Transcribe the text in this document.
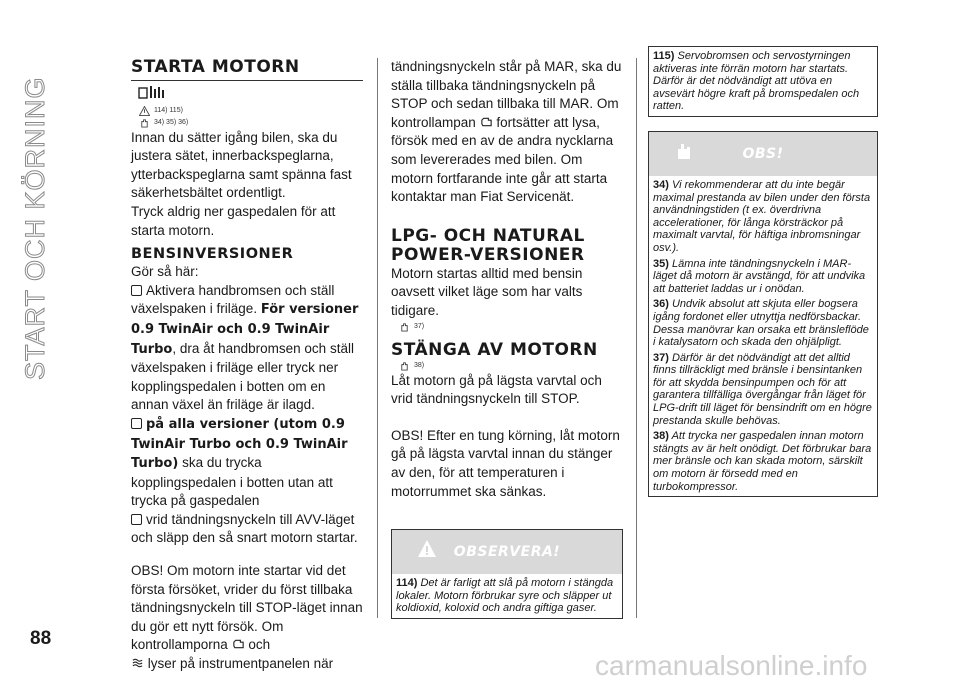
START OCH KÖRNING
STARTA MOTORN
114) 115)
34) 35) 36)

Innan du sätter igång bilen, ska du justera sätet, innerbackspeglarna, ytterbackspeglarna samt spänna fast säkerhetsbältet ordentligt.

Tryck aldrig ner gaspedalen för att starta motorn.

BENSINVERSIONER

Gör så här:

Aktivera handbromsen och ställ växelspaken i friläge. För versioner 0.9 TwinAir och 0.9 TwinAir Turbo, dra åt handbromsen och ställ växelspaken i friläge eller tryck ner kopplingspedalen i botten om en annan växel än friläge är ilagd.

på alla versioner (utom 0.9 TwinAir Turbo och 0.9 TwinAir Turbo) ska du trycka kopplingspedalen i botten utan att trycka på gaspedalen

vrid tändningsnyckeln till AVV-läget och släpp den så snart motorn startar.

OBS! Om motorn inte startar vid det första försöket, vrider du först tillbaka tändningsnyckeln till STOP-läget innan du gör ett nytt försök. Om kontrollamporna och
lyser på instrumentpanelen när

tändningsnyckeln står på MAR, ska du ställa tillbaka tändningsnyckeln på STOP och sedan tillbaka till MAR. Om kontrollampan fortsätter att lysa, försök med en av de andra nycklarna som levererades med bilen. Om motorn fortfarande inte går att starta kontaktar man Fiat Servicenät.

LPG- OCH NATURAL POWER-VERSIONER

Motorn startas alltid med bensin oavsett vilket läge som har valts tidigare.

37)
STÄNGA AV MOTORN
38)

Låt motorn gå på lägsta varvtal och vrid tändningsnyckeln till STOP.

OBS! Efter en tung körning, låt motorn gå på lägsta varvtal innan du stänger av den, för att temperaturen i motorrummet ska sänkas.

OBSERVERA!
114) Det är farligt att slå på motorn i stängda lokaler. Motorn förbrukar syre och släpper ut koldioxid, koloxid och andra giftiga gaser.
115) Servobromsen och servostyrningen aktiveras inte förrän motorn har startats. Därför är det nödvändigt att utöva en avsevärt högre kraft på bromspedalen och ratten.
OBS!
34) Vi rekommenderar att du inte begär maximal prestanda av bilen under den första användningstiden (t ex. överdrivna accelerationer, för långa körsträckor på maximalt varvtal, för häftiga inbromsningar osv.).
35) Lämna inte tändningsnyckeln i MAR-läget då motorn är avstängd, för att undvika att batteriet laddas ur i onödan.
36) Undvik absolut att skjuta eller bogsera igång fordonet eller utnyttja nedförsbackar. Dessa manövrar kan orsaka ett bränsleflöde i katalysatorn och skada den ohjälpligt.
37) Därför är det nödvändigt att det alltid finns tillräckligt med bränsle i bensintanken för att skydda bensinpumpen och för att garantera tillfälliga övergångar från läget för LPG-drift till läget för bensindrift om en högre prestanda skulle behövas.
38) Att trycka ner gaspedalen innan motorn stängts av är helt onödigt. Det förbrukar bara mer bränsle och kan skada motorn, särskilt om motorn är försedd med en turbokompressor.
88
carmanualsonline.info
